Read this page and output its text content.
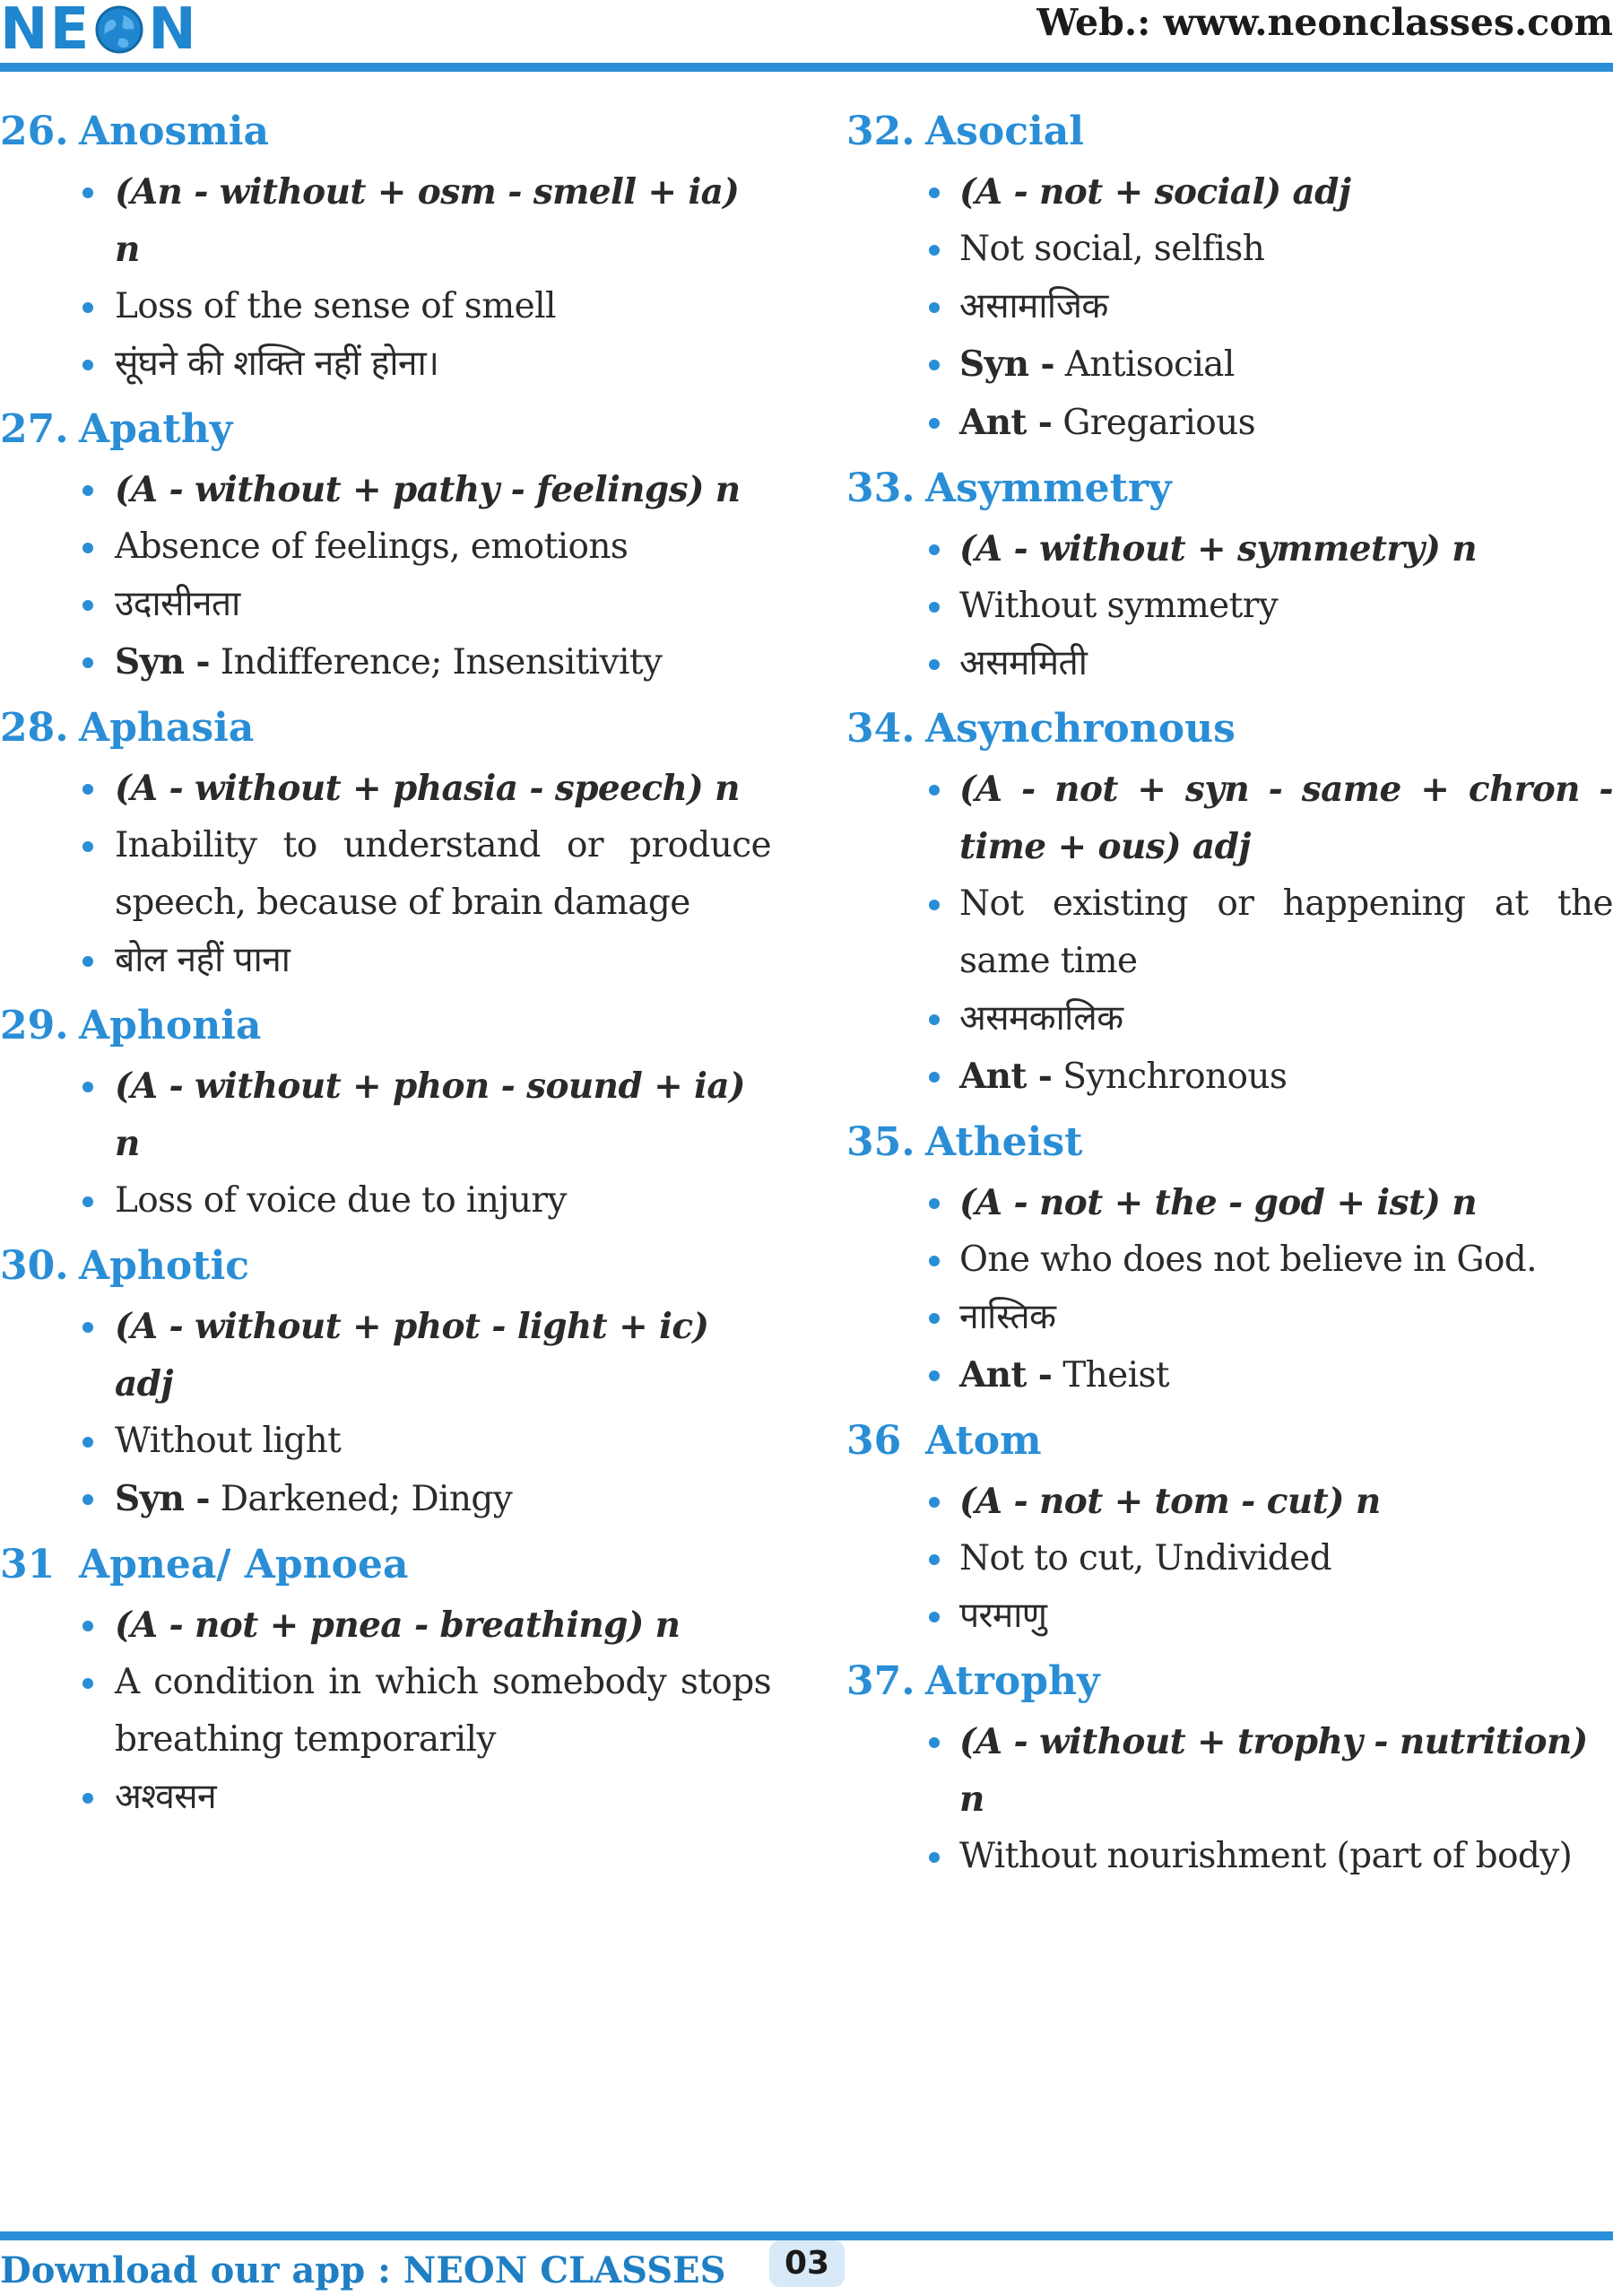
N E N	Web.: www.neonclasses.com
26. Anosmia
(An - without + osm - smell + ia) n
Loss of the sense of smell
सूंघने की शक्ति नहीं होना।
27. Apathy
(A - without + pathy - feelings) n
Absence of feelings, emotions
उदासीनता
Syn - Indifference; Insensitivity
28. Aphasia
(A - without + phasia - speech) n
Inability to understand or produce speech, because of brain damage
बोल नहीं पाना
29. Aphonia
(A - without + phon - sound + ia) n
Loss of voice due to injury
30. Aphotic
(A - without + phot - light + ic) adj
Without light
Syn - Darkened; Dingy
31 Apnea/ Apnoea
(A - not + pnea - breathing) n
A condition in which somebody stops breathing temporarily
अश्वसन
32. Asocial
(A - not + social) adj
Not social, selfish
असामाजिक
Syn - Antisocial
Ant - Gregarious
33. Asymmetry
(A - without + symmetry) n
Without symmetry
असममिती
34. Asynchronous
(A - not + syn - same + chron - time + ous) adj
Not existing or happening at the same time
असमकालिक
Ant - Synchronous
35. Atheist
(A - not + the - god + ist) n
One who does not believe in God.
नास्तिक
Ant - Theist
36 Atom
(A - not + tom - cut) n
Not to cut, Undivided
परमाणु
37. Atrophy
(A - without + trophy - nutrition) n
Without nourishment (part of body)
Download our app : NEON CLASSES	03
